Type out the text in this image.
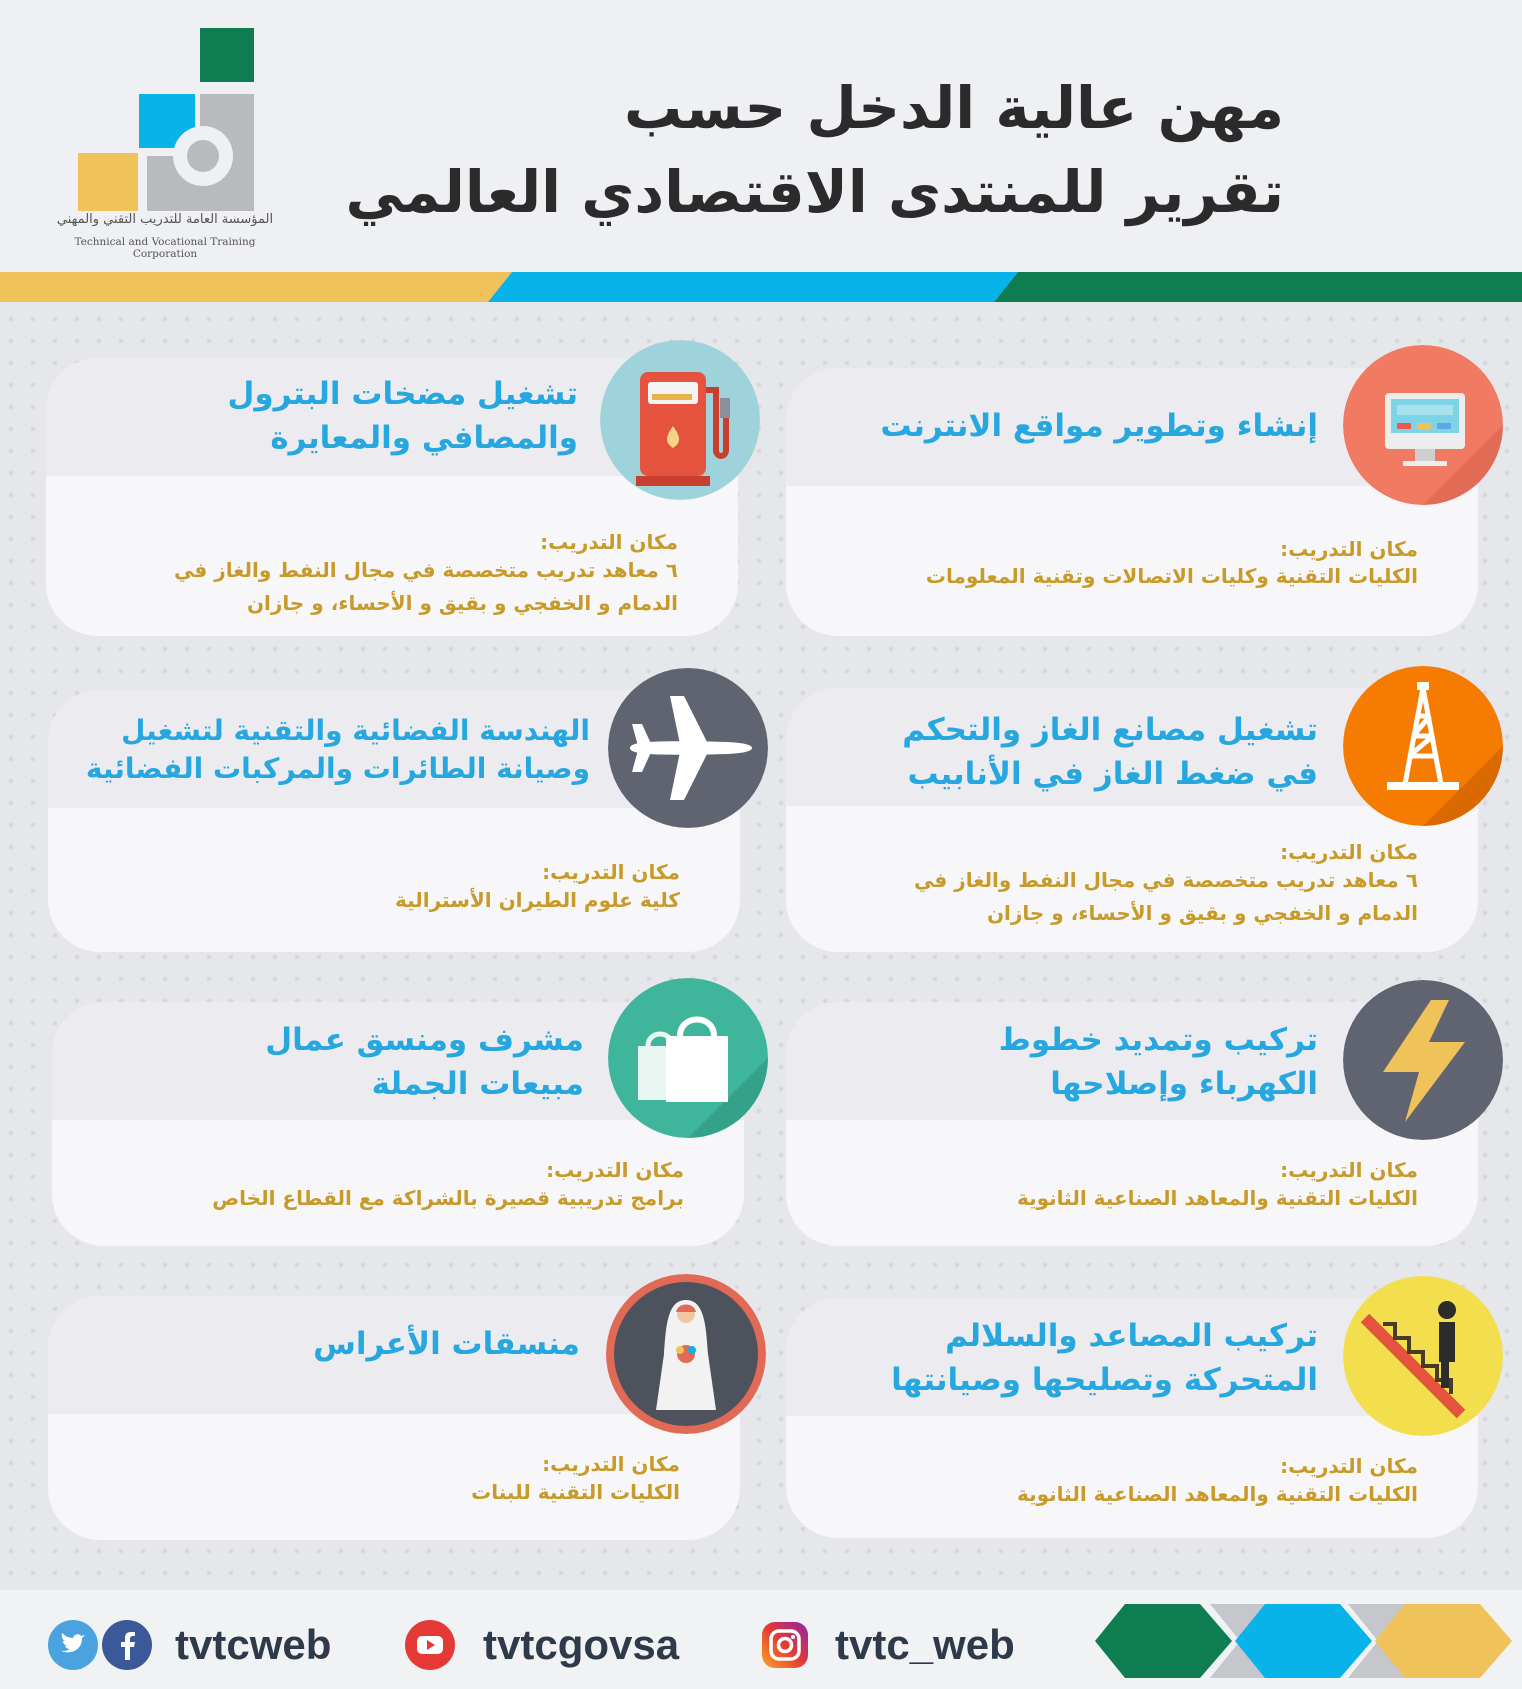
المؤسسة العامة للتدريب التقني والمهني
Technical and Vocational Training Corporation
مهن عالية الدخل حسب
تقرير للمنتدى الاقتصادي العالمي
إنشاء وتطوير مواقع الانترنت
مكان التدريب:
الكليات التقنية وكليات الاتصالات وتقنية المعلومات
تشغيل مضخات البترول
والمصافي والمعايرة
مكان التدريب:
٦ معاهد تدريب متخصصة في مجال النفط والغاز في
الدمام و الخفجي و بقيق و الأحساء، و جازان
تشغيل مصانع الغاز والتحكم
في ضغط الغاز في الأنابيب
مكان التدريب:
٦ معاهد تدريب متخصصة في مجال النفط والغاز في
الدمام و الخفجي و بقيق و الأحساء، و جازان
الهندسة الفضائية والتقنية لتشغيل
وصيانة الطائرات والمركبات الفضائية
مكان التدريب:
كلية علوم الطيران الأسترالية
تركيب وتمديد خطوط
الكهرباء وإصلاحها
مكان التدريب:
الكليات التقنية والمعاهد الصناعية الثانوية
مشرف ومنسق عمال
مبيعات الجملة
مكان التدريب:
برامج تدريبية قصيرة بالشراكة مع القطاع الخاص
تركيب المصاعد والسلالم
المتحركة وتصليحها وصيانتها
مكان التدريب:
الكليات التقنية والمعاهد الصناعية الثانوية
منسقات الأعراس
مكان التدريب:
الكليات التقنية للبنات
tvtcweb	tvtcgovsa	tvtc_web
